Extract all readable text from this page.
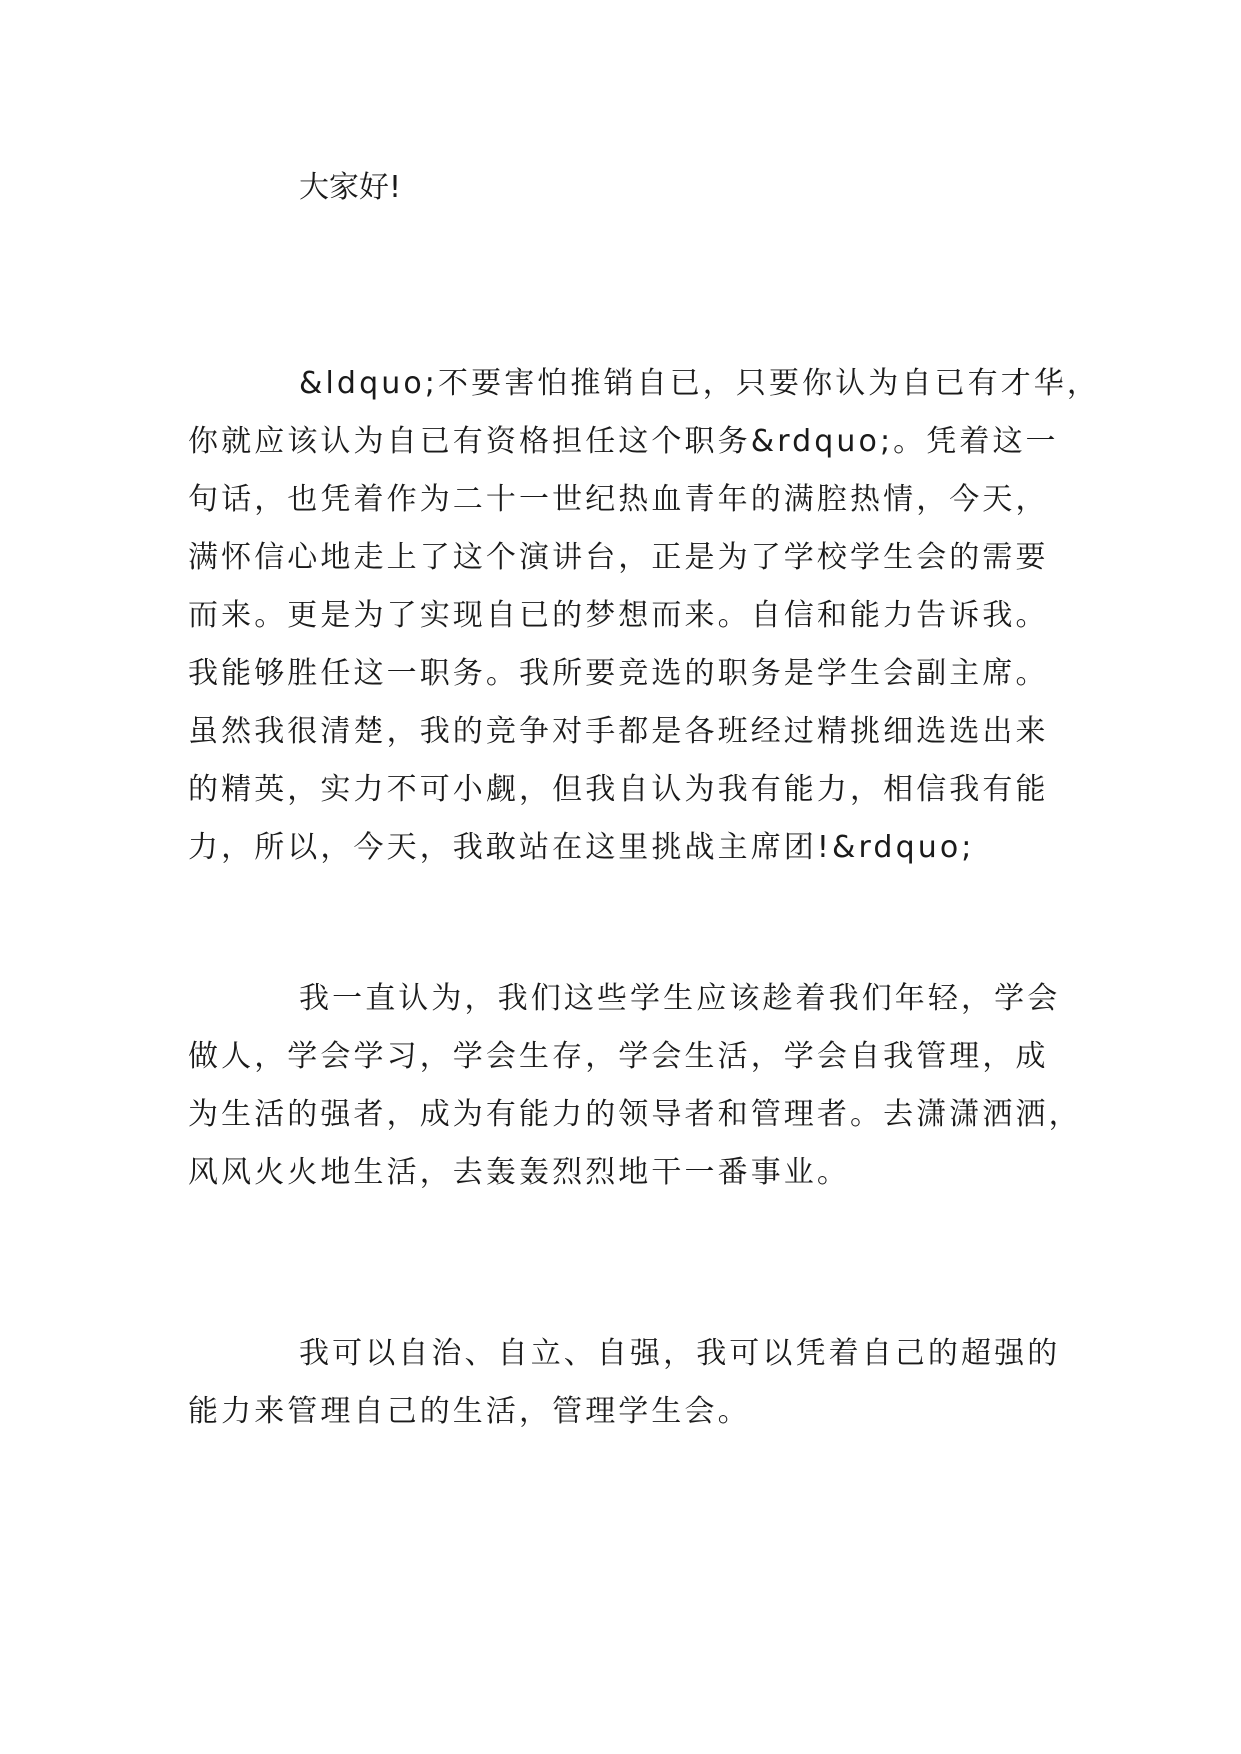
大家好!

&ldquo;不要害怕推销自已，只要你认为自已有才华，
你就应该认为自已有资格担任这个职务&rdquo;。凭着这一
句话，也凭着作为二十一世纪热血青年的满腔热情，今天，
满怀信心地走上了这个演讲台，正是为了学校学生会的需要
而来。更是为了实现自已的梦想而来。自信和能力告诉我。
我能够胜任这一职务。我所要竞选的职务是学生会副主席。
虽然我很清楚，我的竞争对手都是各班经过精挑细选选出来
的精英，实力不可小觑，但我自认为我有能力，相信我有能
力，所以，今天，我敢站在这里挑战主席团!&rdquo;

我一直认为，我们这些学生应该趁着我们年轻，学会
做人，学会学习，学会生存，学会生活，学会自我管理，成
为生活的强者，成为有能力的领导者和管理者。去潇潇洒洒，
风风火火地生活，去轰轰烈烈地干一番事业。

我可以自治、自立、自强，我可以凭着自己的超强的
能力来管理自己的生活，管理学生会。
